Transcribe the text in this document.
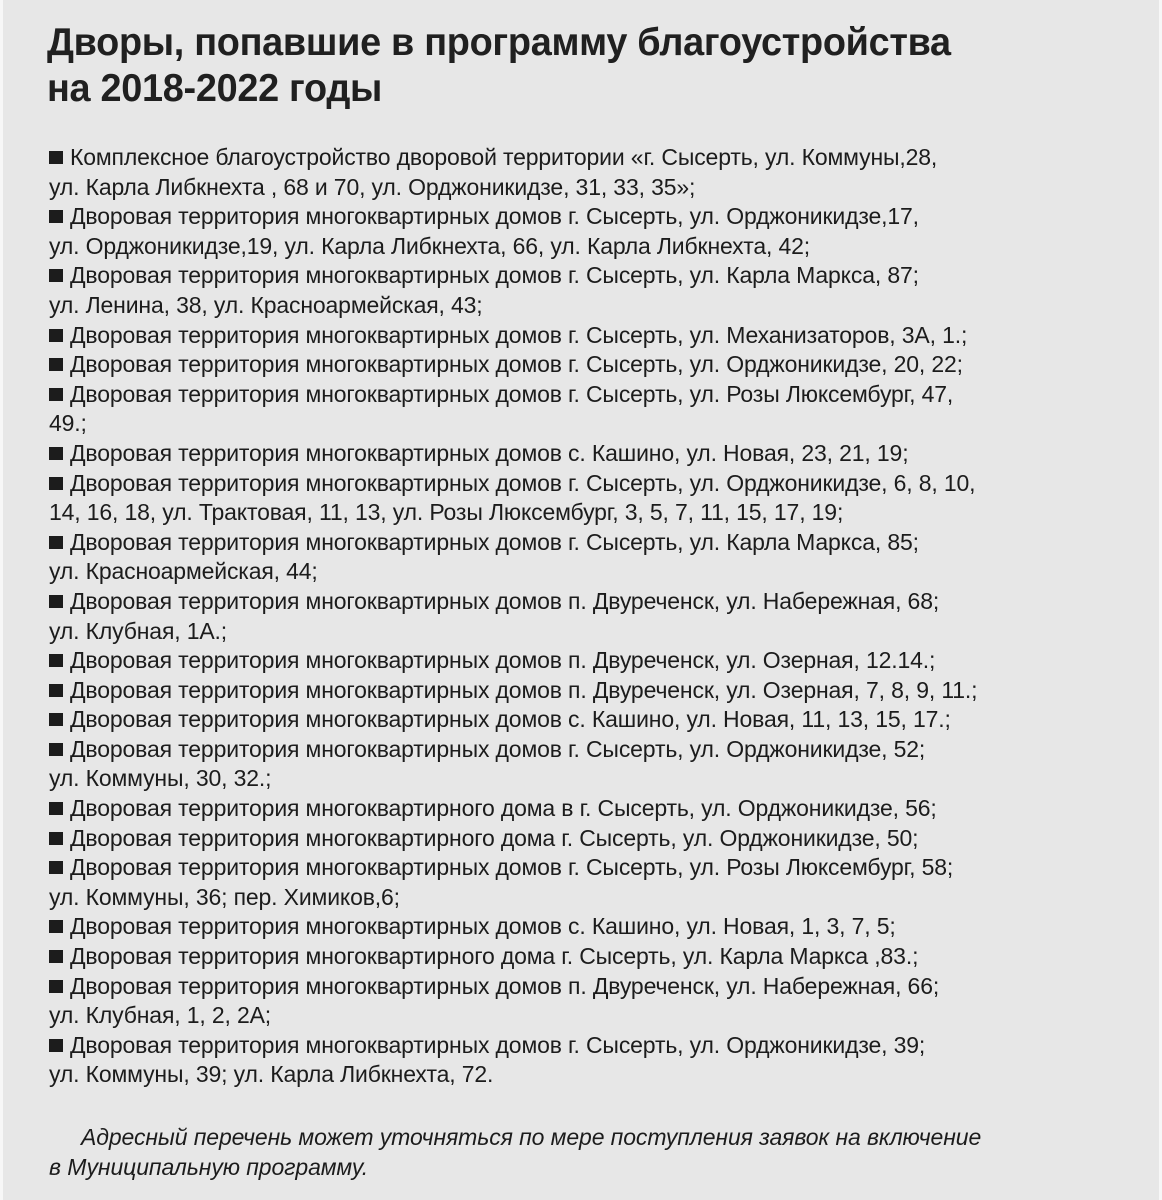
Дворы, попавшие в программу благоустройства
на 2018-2022 годы
Комплексное благоустройство дворовой территории «г. Сысерть, ул. Коммуны,28,
ул. Карла Либкнехта , 68 и 70, ул. Орджоникидзе, 31, 33, 35»;
Дворовая территория многоквартирных домов г. Сысерть, ул. Орджоникидзе,17,
ул. Орджоникидзе,19, ул. Карла Либкнехта, 66, ул. Карла Либкнехта, 42;
Дворовая территория многоквартирных домов г. Сысерть, ул. Карла Маркса, 87;
ул. Ленина, 38, ул. Красноармейская, 43;
Дворовая территория многоквартирных домов г. Сысерть, ул. Механизаторов, 3А, 1.;
Дворовая территория многоквартирных домов г. Сысерть, ул. Орджоникидзе, 20, 22;
Дворовая территория многоквартирных домов г. Сысерть, ул. Розы Люксембург, 47,
49.;
Дворовая территория многоквартирных домов с. Кашино, ул. Новая, 23, 21, 19;
Дворовая территория многоквартирных домов г. Сысерть, ул. Орджоникидзе, 6, 8, 10,
14, 16, 18, ул. Трактовая, 11, 13, ул. Розы Люксембург, 3, 5, 7, 11, 15, 17, 19;
Дворовая территория многоквартирных домов г. Сысерть, ул. Карла Маркса, 85;
ул. Красноармейская, 44;
Дворовая территория многоквартирных домов п. Двуреченск, ул. Набережная, 68;
ул. Клубная, 1А.;
Дворовая территория многоквартирных домов п. Двуреченск, ул. Озерная, 12.14.;
Дворовая территория многоквартирных домов п. Двуреченск, ул. Озерная, 7, 8, 9, 11.;
Дворовая территория многоквартирных домов с. Кашино, ул. Новая, 11, 13, 15, 17.;
Дворовая территория многоквартирных домов г. Сысерть, ул. Орджоникидзе, 52;
ул. Коммуны, 30, 32.;
Дворовая территория многоквартирного дома в г. Сысерть, ул. Орджоникидзе, 56;
Дворовая территория многоквартирного дома г. Сысерть, ул. Орджоникидзе, 50;
Дворовая территория многоквартирных домов г. Сысерть, ул. Розы Люксембург, 58;
ул. Коммуны, 36; пер. Химиков,6;
Дворовая территория многоквартирных домов с. Кашино, ул. Новая, 1, 3, 7, 5;
Дворовая территория многоквартирного дома г. Сысерть, ул. Карла Маркса ,83.;
Дворовая территория многоквартирных домов п. Двуреченск, ул. Набережная, 66;
ул. Клубная, 1, 2, 2А;
Дворовая территория многоквартирных домов г. Сысерть, ул. Орджоникидзе, 39;
ул. Коммуны, 39; ул. Карла Либкнехта, 72.

Адресный перечень может уточняться по мере поступления заявок на включение
в Муниципальную программу.
